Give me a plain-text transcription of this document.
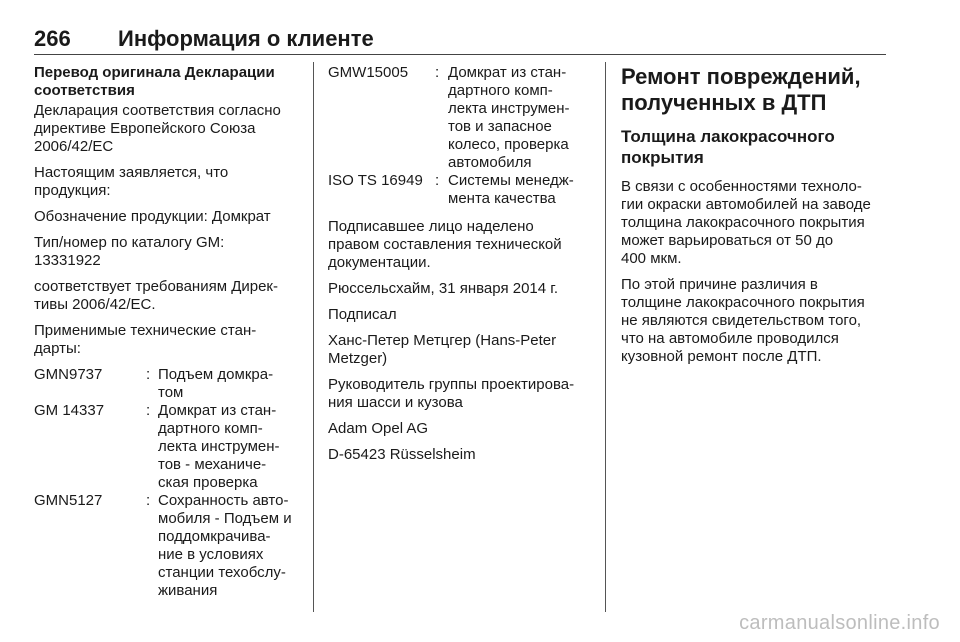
266 Информация о клиенте
Перевод оригинала Декларации
соответствия

Декларация соответствия согласно
директиве Европейского Союза
2006/42/EC

Настоящим заявляется, что
продукция:

Обозначение продукции: Домкрат

Тип/номер по каталогу GM:
13331922

соответствует требованиям Дирек-
тивы 2006/42/EC.

Применимые технические стан-
дарты:

GMN9737	: Подъем домкра-
том
GM 14337	: Домкрат из стан-
дартного комп-
лекта инструмен-
тов - механиче-
ская проверка
GMN5127	: Сохранность авто-
мобиля - Подъем и
поддомкрачива-
ние в условиях
станции техобслу-
живания
GMW15005 : Домкрат из стан-
дартного комп-
лекта инструмен-
тов и запасное
колесо, проверка
автомобиля
ISO TS 16949 : Системы менедж-
мента качества

Подписавшее лицо наделено
правом составления технической
документации.

Рюссельсхайм, 31 января 2014 г.

Подписал

Ханс-Петер Метцгер (Hans-Peter
Metzger)

Руководитель группы проектирова-
ния шасси и кузова

Adam Opel AG

D-65423 Rüsselsheim

Ремонт повреждений,
полученных в ДТП
Толщина лакокрасочного
покрытия

В связи с особенностями техноло-
гии окраски автомобилей на заводе
толщина лакокрасочного покрытия
может варьироваться от 50 до
400 мкм.

По этой причине различия в
толщине лакокрасочного покрытия
не являются свидетельством того,
что на автомобиле проводился
кузовной ремонт после ДТП.

carmanualsonline.info
